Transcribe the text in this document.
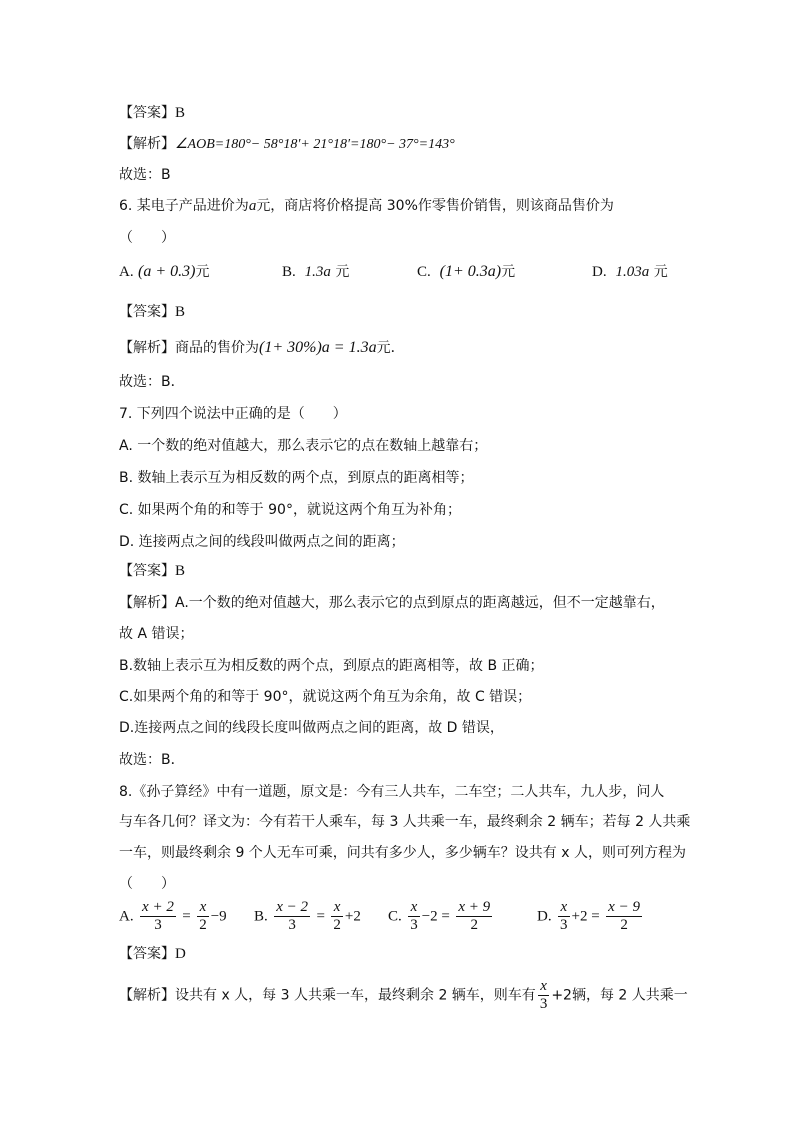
【答案】B
【解析】∠AOB=180°− 58°18′+ 21°18′=180°− 37°=143°
故选：B
6. 某电子产品进价为a元，商店将价格提高 30%作零售价销售，则该商品售价为
（　　）
A. (a + 0.3)元	B. 1.3a 元	C. (1+ 0.3a)元	D. 1.03a 元
【答案】B
【解析】商品的售价为(1+ 30%)a = 1.3a元．
故选：B．
7. 下列四个说法中正确的是（　　）
A. 一个数的绝对值越大，那么表示它的点在数轴上越靠右；
B. 数轴上表示互为相反数的两个点，到原点的距离相等；
C. 如果两个角的和等于 90°，就说这两个角互为补角；
D. 连接两点之间的线段叫做两点之间的距离；
【答案】B
【解析】A.一个数的绝对值越大，那么表示它的点到原点的距离越远，但不一定越靠右，
故 A 错误；
B.数轴上表示互为相反数的两个点，到原点的距离相等，故 B 正确；
C.如果两个角的和等于 90°，就说这两个角互为余角，故 C 错误；
D.连接两点之间的线段长度叫做两点之间的距离，故 D 错误，
故选：B．
8.《孙子算经》中有一道题，原文是：今有三人共车，二车空；二人共车，九人步，问人
与车各几何？译文为：今有若干人乘车，每 3 人共乘一车，最终剩余 2 辆车；若每 2 人共乘
一车，则最终剩余 9 个人无车可乘，问共有多少人，多少辆车？设共有 x 人，则可列方程为
（　　）
A. $\frac{x + 2}{3} = \frac{x}{2} -9$ B. $\frac{x - 2}{3} = \frac{x}{2} +2$ C. $\frac{x}{3} -2 = \frac{x + 9}{2}$	D. $\frac{x}{3} +2 = \frac{x - 9}{2}$
【答案】D
【解析】设共有 x 人，每 3 人共乘一车，最终剩余 2 辆车，则车有 $\frac{x}{3} +2$辆，每 2 人共乘一
